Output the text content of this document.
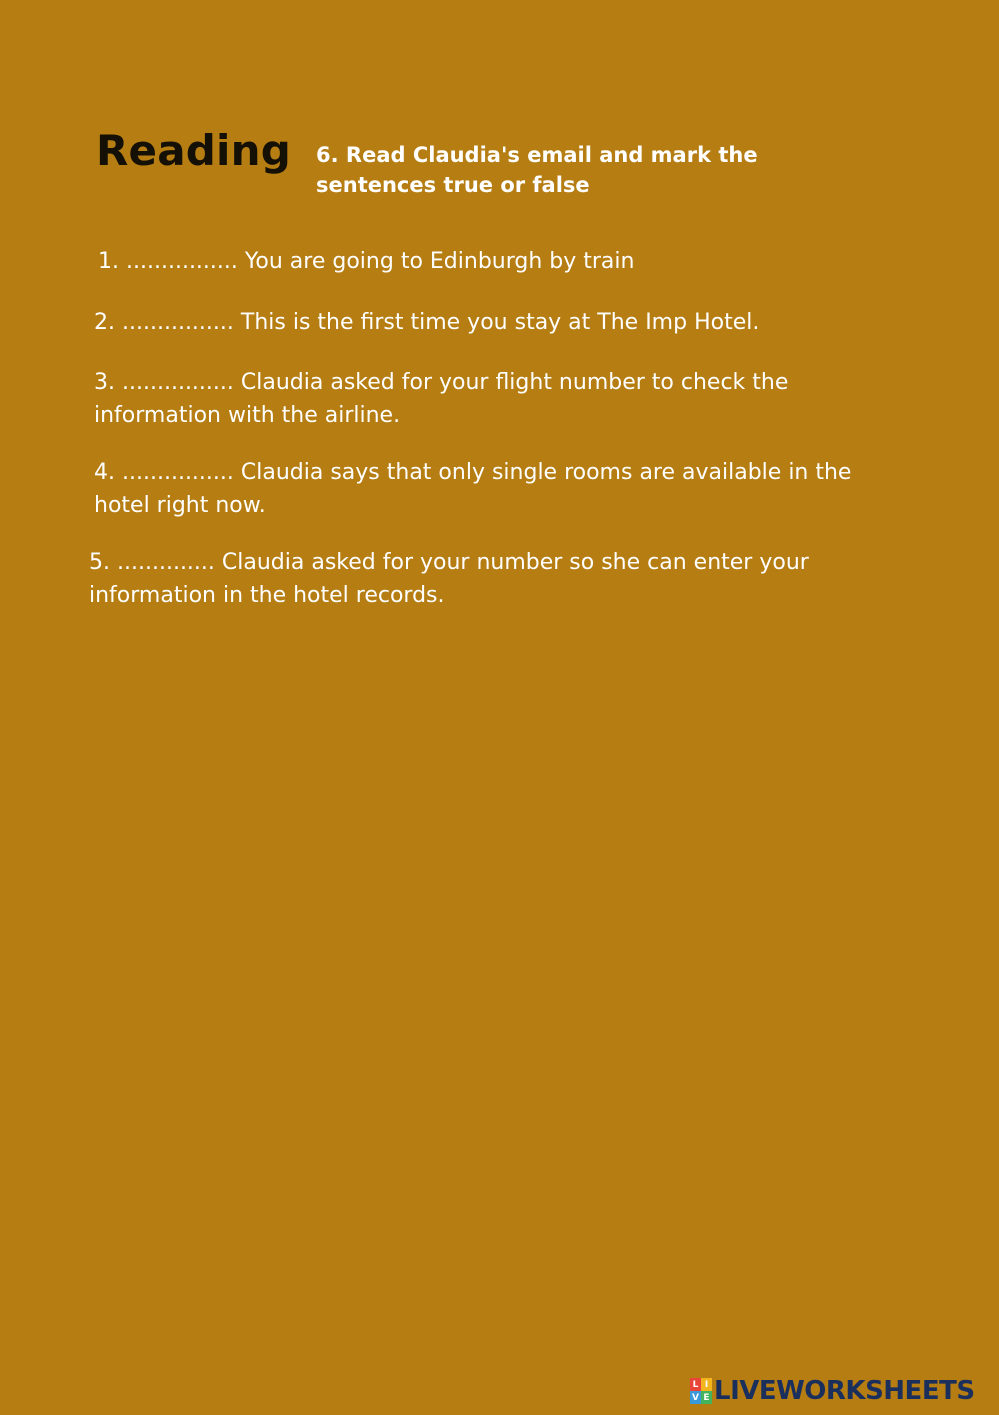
Reading 6. Read Claudia's email and mark the sentences true or false

1. ................ You are going to Edinburgh by train

2. ................ This is the first time you stay at The Imp Hotel.

3. ................ Claudia asked for your flight number to check the information with the airline.

4. ................ Claudia says that only single rooms are available in the hotel right now.

5. .............. Claudia asked for your number so she can enter your information in the hotel records.

L I
V E LIVEWORKSHEETS
